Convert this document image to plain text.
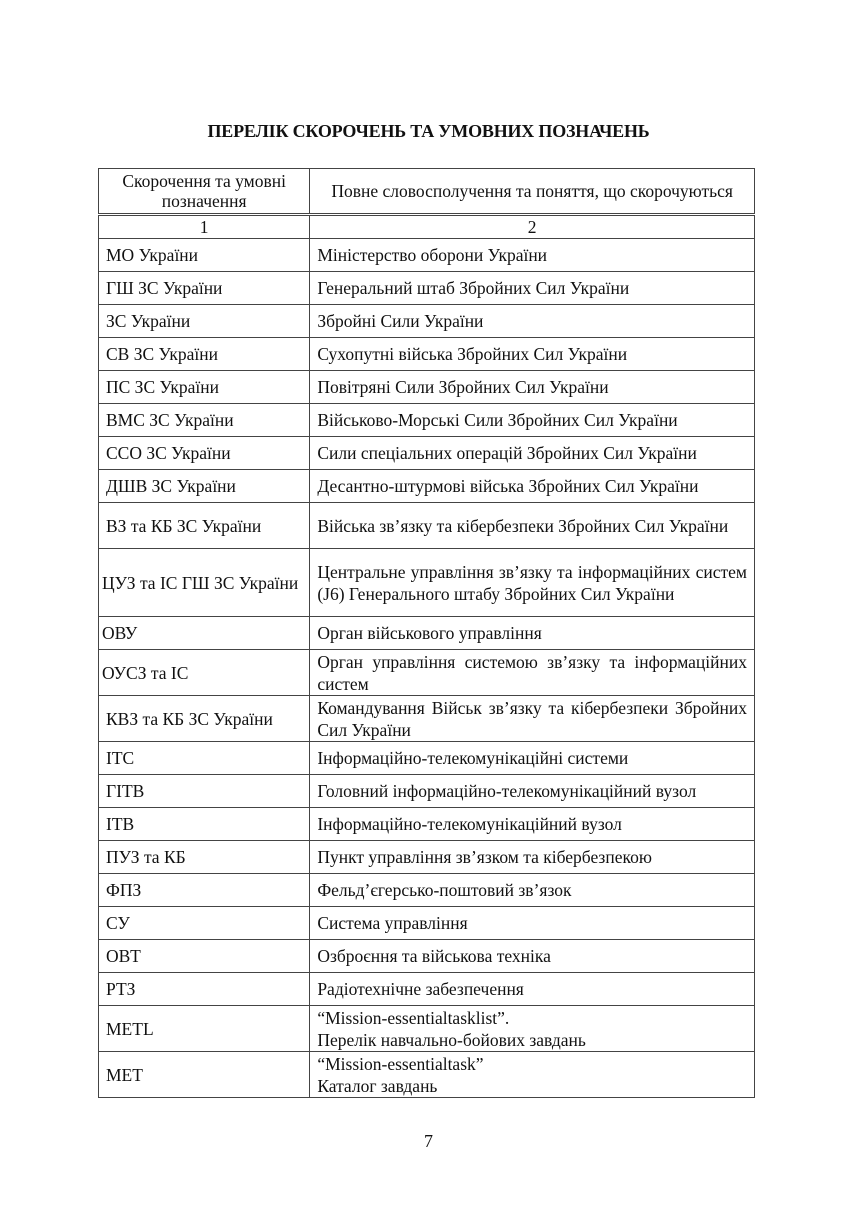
ПЕРЕЛІК СКОРОЧЕНЬ ТА УМОВНИХ ПОЗНАЧЕНЬ
Скорочення та умовні позначення	Повне словосполучення та поняття, що скорочуються
1	2
МО України	Міністерство оборони України
ГШ ЗС України	Генеральний штаб Збройних Сил України
ЗС України	Збройні Сили України
СВ ЗС України	Сухопутні війська Збройних Сил України
ПС ЗС України	Повітряні Сили Збройних Сил України
ВМС ЗС України	Військово-Морські Сили Збройних Сил України
ССО ЗС України	Сили спеціальних операцій Збройних Сил України
ДШВ ЗС України	Десантно-штурмові війська Збройних Сил України
ВЗ та КБ ЗС України	Війська зв’язку та кібербезпеки Збройних Сил України
ЦУЗ та ІС ГШ ЗС України	Центральне управління зв’язку та інформаційних систем (J6) Генерального штабу Збройних Сил України
ОВУ	Орган військового управління
ОУСЗ та ІС	Орган управління системою зв’язку та інформаційних систем
КВЗ та КБ ЗС України	Командування Військ зв’язку та кібербезпеки Збройних Сил України
ІТС	Інформаційно-телекомунікаційні системи
ГІТВ	Головний інформаційно-телекомунікаційний вузол
ІТВ	Інформаційно-телекомунікаційний вузол
ПУЗ та КБ	Пункт управління зв’язком та кібербезпекою
ФПЗ	Фельд’єгерсько-поштовий зв’язок
СУ	Система управління
ОВТ	Озброєння та військова техніка
РТЗ	Радіотехнічне забезпечення
METL	“Mission-essentialtasklist”.
Перелік навчально-бойових завдань
МЕТ	“Mission-essentialtask”
Каталог завдань
7
